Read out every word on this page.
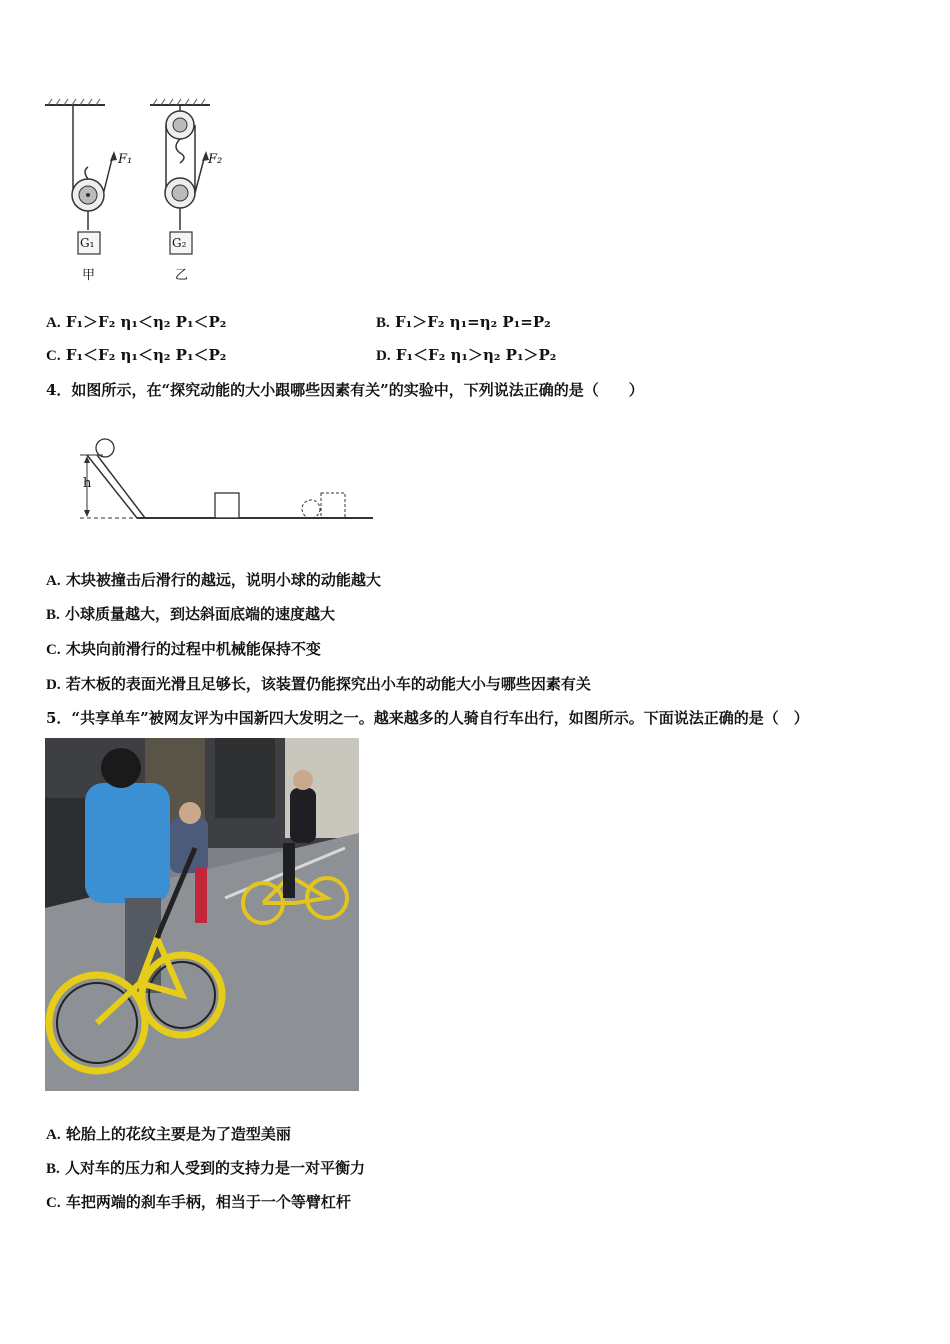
F₁	F₂
G₁	G₂
甲	乙
A. F₁＞F₂ η₁＜η₂ P₁＜P₂	B. F₁＞F₂ η₁=η₂ P₁=P₂
C. F₁＜F₂ η₁＜η₂ P₁＜P₂	D. F₁＜F₂ η₁＞η₂ P₁＞P₂
4．如图所示，在“探究动能的大小跟哪些因素有关”的实验中，下列说法正确的是（　　）
h
A. 木块被撞击后滑行的越远，说明小球的动能越大
B. 小球质量越大，到达斜面底端的速度越大
C. 木块向前滑行的过程中机械能保持不变
D. 若木板的表面光滑且足够长，该装置仍能探究出小车的动能大小与哪些因素有关
5．“共享单车”被网友评为中国新四大发明之一。越来越多的人骑自行车出行，如图所示。下面说法正确的是（　）
A. 轮胎上的花纹主要是为了造型美丽
B. 人对车的压力和人受到的支持力是一对平衡力
C. 车把两端的刹车手柄，相当于一个等臂杠杆
